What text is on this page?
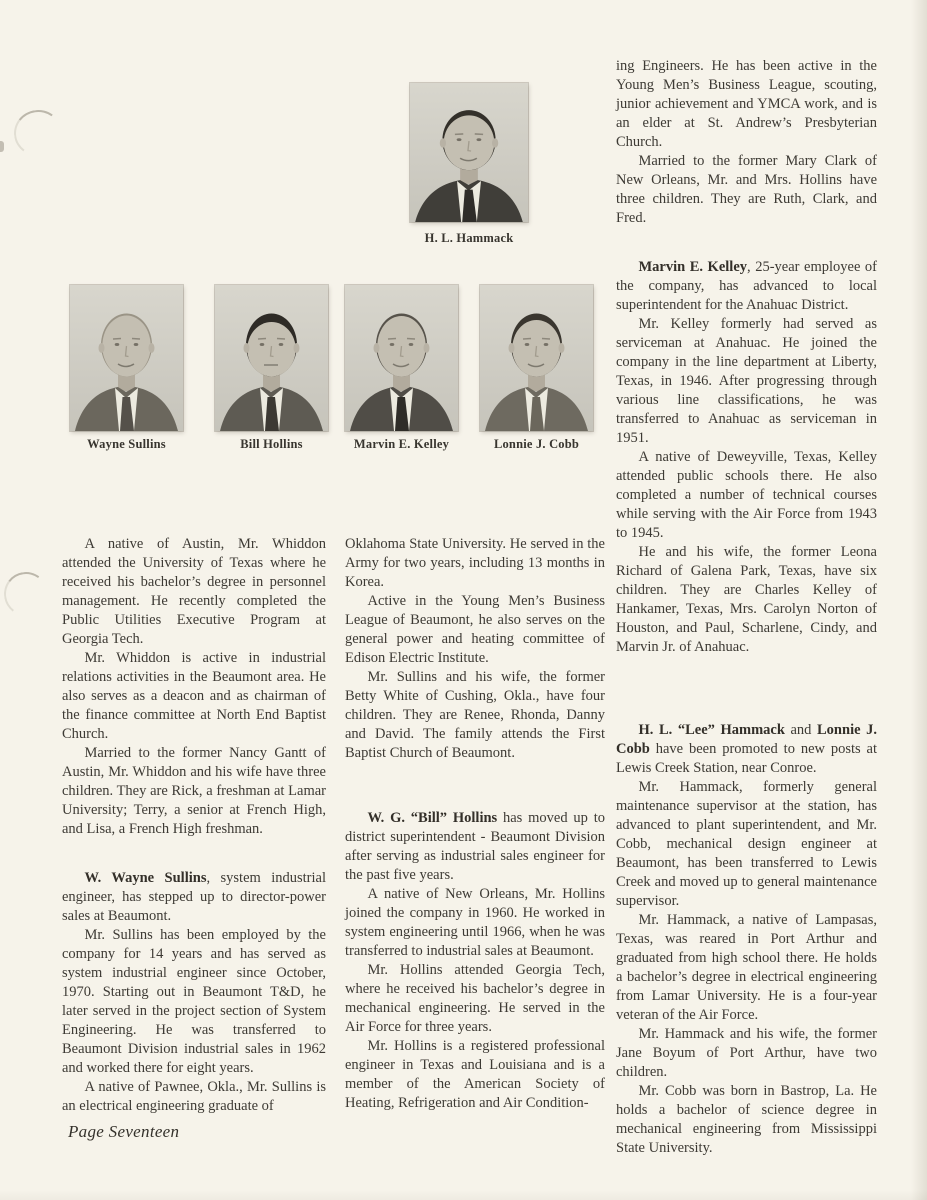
H. L. Hammack
Wayne Sullins	Bill Hollins	Marvin E. Kelley	Lonnie J. Cobb

A native of Austin, Mr. Whiddon attended the University of Texas where he received his bachelor’s degree in personnel management. He recently completed the Public Utilities Executive Program at Georgia Tech.

Mr. Whiddon is active in industrial relations activities in the Beaumont area. He also serves as a deacon and as chairman of the finance committee at North End Baptist Church.

Married to the former Nancy Gantt of Austin, Mr. Whiddon and his wife have three children. They are Rick, a freshman at Lamar University; Terry, a senior at French High, and Lisa, a French High freshman.

W. Wayne Sullins, system industrial engineer, has stepped up to director-power sales at Beaumont.

Mr. Sullins has been employed by the company for 14 years and has served as system industrial engineer since October, 1970. Starting out in Beaumont T&D, he later served in the project section of System Engineering. He was transferred to Beaumont Division industrial sales in 1962 and worked there for eight years.

A native of Pawnee, Okla., Mr. Sullins is an electrical engineering graduate of

Oklahoma State University. He served in the Army for two years, including 13 months in Korea.

Active in the Young Men’s Business League of Beaumont, he also serves on the general power and heating committee of Edison Electric Institute.

Mr. Sullins and his wife, the former Betty White of Cushing, Okla., have four children. They are Renee, Rhonda, Danny and David. The family attends the First Baptist Church of Beaumont.

W. G. “Bill” Hollins has moved up to district superintendent - Beaumont Division after serving as industrial sales engineer for the past five years.

A native of New Orleans, Mr. Hollins joined the company in 1960. He worked in system engineering until 1966, when he was transferred to industrial sales at Beaumont.

Mr. Hollins attended Georgia Tech, where he received his bachelor’s degree in mechanical engineering. He served in the Air Force for three years.

Mr. Hollins is a registered professional engineer in Texas and Louisiana and is a member of the American Society of Heating, Refrigeration and Air Condition-

ing Engineers. He has been active in the Young Men’s Business League, scouting, junior achievement and YMCA work, and is an elder at St. Andrew’s Presbyterian Church.

Married to the former Mary Clark of New Orleans, Mr. and Mrs. Hollins have three children. They are Ruth, Clark, and Fred.

Marvin E. Kelley, 25-year employee of the company, has advanced to local superintendent for the Anahuac District.

Mr. Kelley formerly had served as serviceman at Anahuac. He joined the company in the line department at Liberty, Texas, in 1946. After progressing through various line classifications, he was transferred to Anahuac as serviceman in 1951.

A native of Deweyville, Texas, Kelley attended public schools there. He also completed a number of technical courses while serving with the Air Force from 1943 to 1945.

He and his wife, the former Leona Richard of Galena Park, Texas, have six children. They are Charles Kelley of Hankamer, Texas, Mrs. Carolyn Norton of Houston, and Paul, Scharlene, Cindy, and Marvin Jr. of Anahuac.

H. L. “Lee” Hammack and Lonnie J. Cobb have been promoted to new posts at Lewis Creek Station, near Conroe.

Mr. Hammack, formerly general maintenance supervisor at the station, has advanced to plant superintendent, and Mr. Cobb, mechanical design engineer at Beaumont, has been transferred to Lewis Creek and moved up to general maintenance supervisor.

Mr. Hammack, a native of Lampasas, Texas, was reared in Port Arthur and graduated from high school there. He holds a bachelor’s degree in electrical engineering from Lamar University. He is a four-year veteran of the Air Force.

Mr. Hammack and his wife, the former Jane Boyum of Port Arthur, have two children.

Mr. Cobb was born in Bastrop, La. He holds a bachelor of science degree in mechanical engineering from Mississippi State University.

Page Seventeen
